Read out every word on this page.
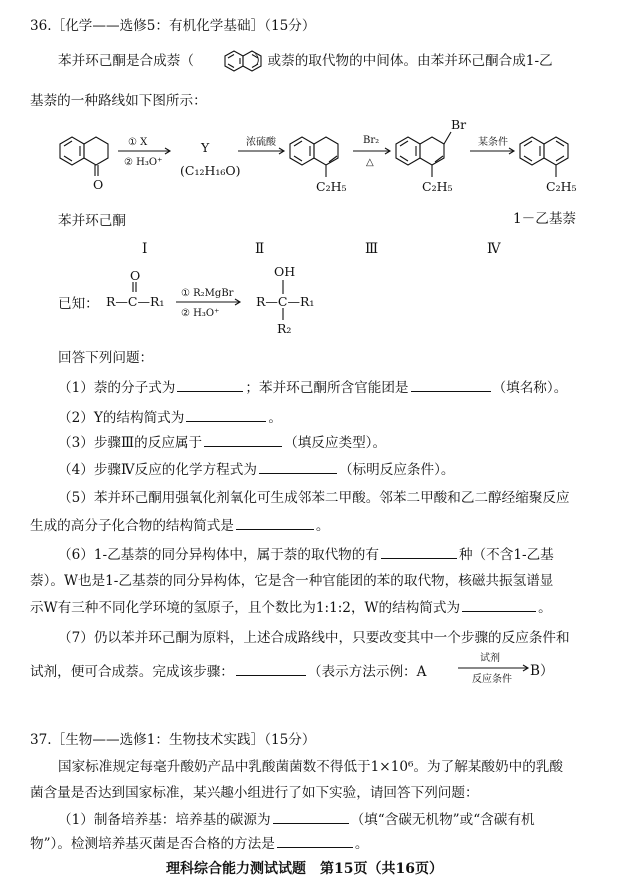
36.［化学——选修5：有机化学基础］（15分）
苯并环己酮是合成萘（	）或萘的取代物的中间体。由苯并环己酮合成1-乙
基萘的一种路线如下图所示：
① X
② H₃O⁺
浓硫酸	Br₂
△
某条件
① R₂MgBr
② H₃O⁺
试剂
反应条件
O
Y
(C₁₂H₁₆O)
C₂H₅
Br
C₂H₅	C₂H₅
O
R—C—R₁
OH
R—C—R₁
R₂
苯并环己酮	1－乙基萘
Ⅰ	Ⅱ	Ⅲ	Ⅳ
已知：
回答下列问题：
（1）萘的分子式为	；苯并环己酮所含官能团是	（填名称）。
（2）Y的结构简式为	。
（3）步骤Ⅲ的反应属于	（填反应类型）。
（4）步骤Ⅳ反应的化学方程式为	（标明反应条件）。
（5）苯并环己酮用强氧化剂氧化可生成邻苯二甲酸。邻苯二甲酸和乙二醇经缩聚反应
生成的高分子化合物的结构简式是	。
（6）1-乙基萘的同分异构体中，属于萘的取代物的有	种（不含1-乙基
萘）。W也是1-乙基萘的同分异构体，它是含一种官能团的苯的取代物，核磁共振氢谱显
示W有三种不同化学环境的氢原子，且个数比为1:1:2，W的结构简式为	。
（7）仍以苯并环己酮为原料，上述合成路线中，只要改变其中一个步骤的反应条件和
试剂，便可合成萘。完成该步骤：	（表示方法示例：A	B）
37.［生物——选修1：生物技术实践］（15分）
国家标准规定每毫升酸奶产品中乳酸菌菌数不得低于1×10⁶。为了解某酸奶中的乳酸
菌含量是否达到国家标准，某兴趣小组进行了如下实验，请回答下列问题：
（1）制备培养基：培养基的碳源为	（填“含碳无机物”或“含碳有机
物”）。检测培养基灭菌是否合格的方法是	。
理科综合能力测试试题　第15页（共16页）
